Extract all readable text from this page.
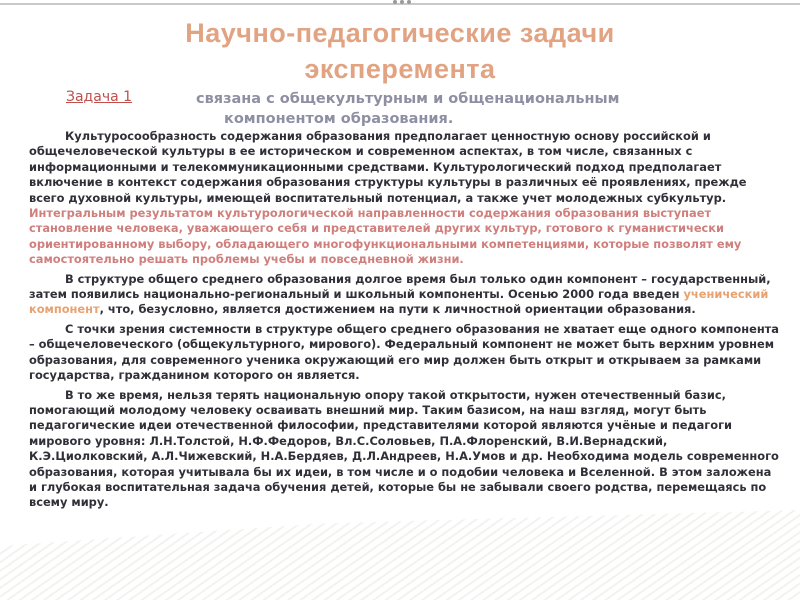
Научно-педагогические задачи
эксперемента
Задача 1	связана с общекультурным и общенациональным
компонентом образования.

Культуросообразность содержания образования предполагает ценностную основу российской и общечеловеческой культуры в ее историческом и современном аспектах, в том числе, связанных с информационными и телекоммуникационными средствами. Культурологический подход предполагает включение в контекст содержания образования структуры культуры в различных её проявлениях, прежде всего духовной культуры, имеющей воспитательный потенциал, а также учет молодежных субкультур. Интегральным результатом культурологической направленности содержания образования выступает становление человека, уважающего себя и представителей других культур, готового к гуманистически ориентированному выбору, обладающего многофункциональными компетенциями, которые позволят ему самостоятельно решать проблемы учебы и повседневной жизни.

В структуре общего среднего образования долгое время был только один компонент – государственный, затем появились национально-региональный и школьный компоненты. Осенью 2000 года введен ученический компонент, что, безусловно, является достижением на пути к личностной ориентации образования.

С точки зрения системности в структуре общего среднего образования не хватает еще одного компонента – общечеловеческого (общекультурного, мирового). Федеральный компонент не может быть верхним уровнем образования, для современного ученика окружающий его мир должен быть открыт и открываем за рамками государства, гражданином которого он является.

В то же время, нельзя терять национальную опору такой открытости, нужен отечественный базис, помогающий молодому человеку осваивать внешний мир. Таким базисом, на наш взгляд, могут быть педагогические идеи отечественной философии, представителями которой являются учёные и педагоги мирового уровня: Л.Н.Толстой, Н.Ф.Федоров, Вл.С.Соловьев, П.А.Флоренский, В.И.Вернадский, К.Э.Циолковский, А.Л.Чижевский, Н.А.Бердяев, Д.Л.Андреев, Н.А.Умов и др. Необходима модель современного образования, которая учитывала бы их идеи, в том числе и о подобии человека и Вселенной. В этом заложена и глубокая воспитательная задача обучения детей, которые бы не забывали своего родства, перемещаясь по всему миру.
